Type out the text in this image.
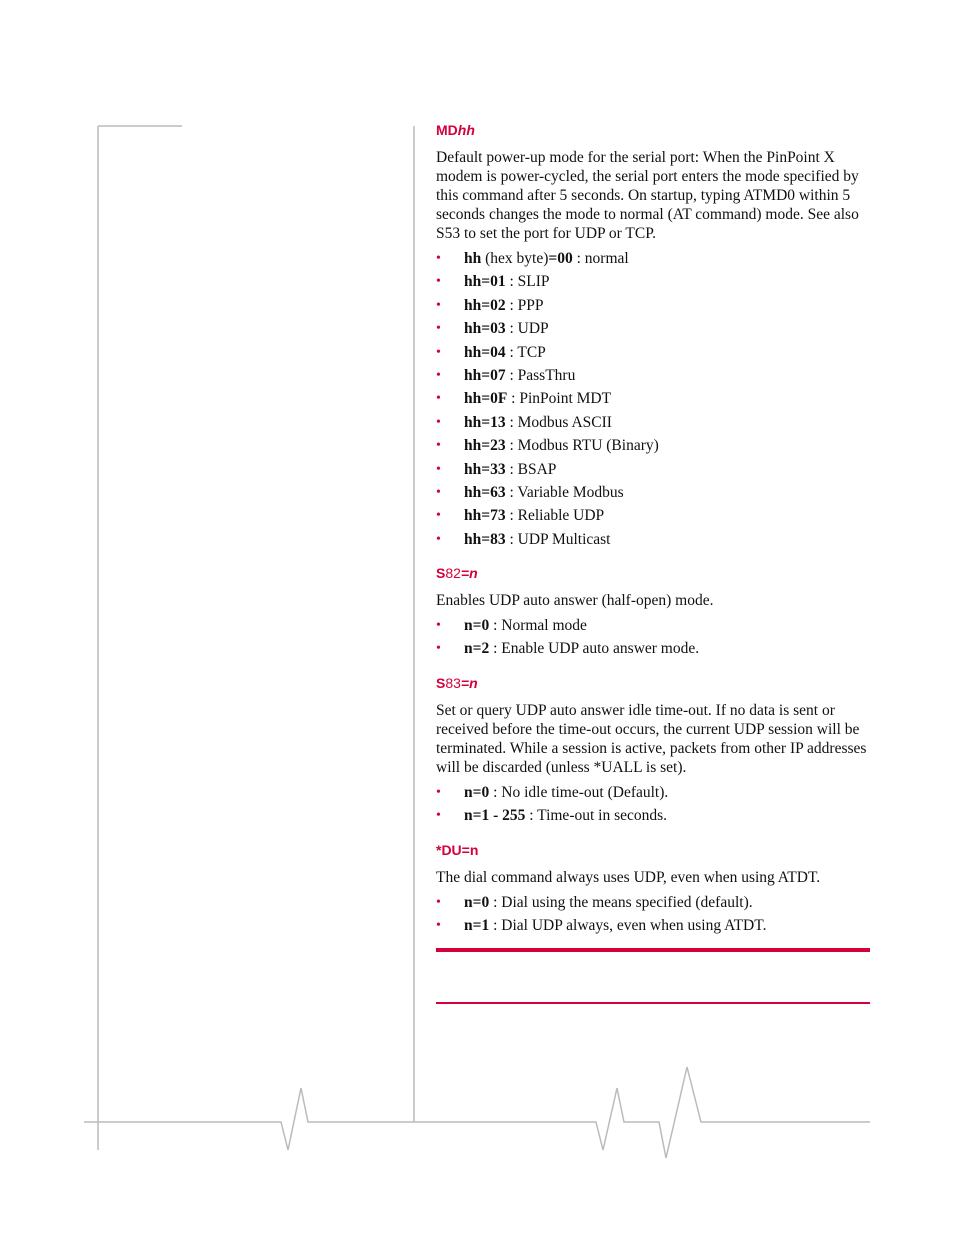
MDhh

Default power-up mode for the serial port: When the PinPoint X modem is power-cycled, the serial port enters the mode specified by this command after 5 seconds. On startup, typing ATMD0 within 5 seconds changes the mode to normal (AT command) mode. See also S53 to set the port for UDP or TCP.

• hh (hex byte)=00 : normal
• hh=01 : SLIP
• hh=02 : PPP
• hh=03 : UDP
• hh=04 : TCP
• hh=07 : PassThru
• hh=0F : PinPoint MDT
• hh=13 : Modbus ASCII
• hh=23 : Modbus RTU (Binary)
• hh=33 : BSAP
• hh=63 : Variable Modbus
• hh=73 : Reliable UDP
• hh=83 : UDP Multicast
S82=n

Enables UDP auto answer (half-open) mode.

• n=0 : Normal mode
• n=2 : Enable UDP auto answer mode.
S83=n

Set or query UDP auto answer idle time-out. If no data is sent or received before the time-out occurs, the current UDP session will be terminated. While a session is active, packets from other IP addresses will be discarded (unless *UALL is set).

• n=0 : No idle time-out (Default).
• n=1 - 255 : Time-out in seconds.
*DU=n

The dial command always uses UDP, even when using ATDT.

• n=0 : Dial using the means specified (default).
• n=1 : Dial UDP always, even when using ATDT.
